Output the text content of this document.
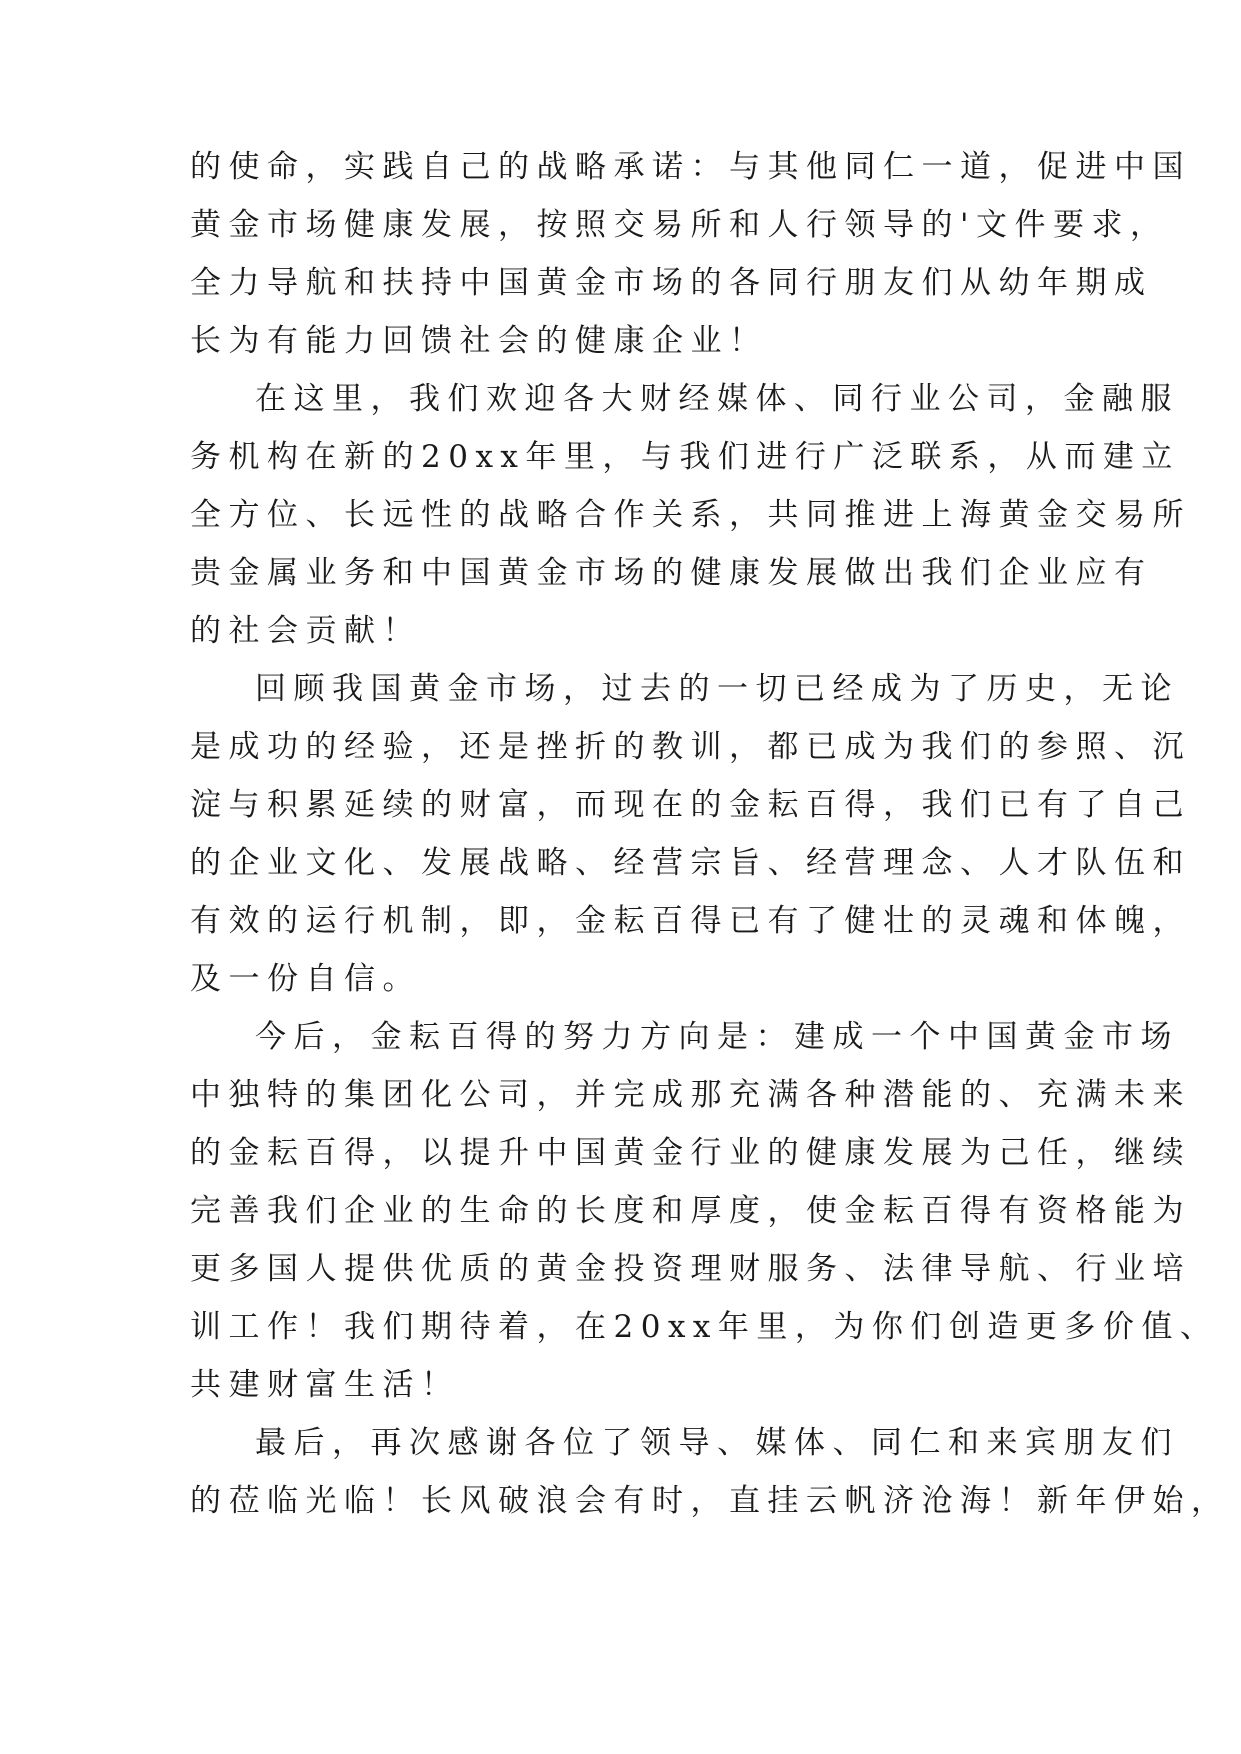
的使命，实践自己的战略承诺：与其他同仁一道，促进中国
黄金市场健康发展，按照交易所和人行领导的'文件要求，
全力导航和扶持中国黄金市场的各同行朋友们从幼年期成
长为有能力回馈社会的健康企业！
在这里，我们欢迎各大财经媒体、同行业公司，金融服
务机构在新的20xx年里，与我们进行广泛联系，从而建立
全方位、长远性的战略合作关系，共同推进上海黄金交易所
贵金属业务和中国黄金市场的健康发展做出我们企业应有
的社会贡献！
回顾我国黄金市场，过去的一切已经成为了历史，无论
是成功的经验，还是挫折的教训，都已成为我们的参照、沉
淀与积累延续的财富，而现在的金耘百得，我们已有了自己
的企业文化、发展战略、经营宗旨、经营理念、人才队伍和
有效的运行机制，即，金耘百得已有了健壮的灵魂和体魄，
及一份自信。
今后，金耘百得的努力方向是：建成一个中国黄金市场
中独特的集团化公司，并完成那充满各种潜能的、充满未来
的金耘百得，以提升中国黄金行业的健康发展为己任，继续
完善我们企业的生命的长度和厚度，使金耘百得有资格能为
更多国人提供优质的黄金投资理财服务、法律导航、行业培
训工作！我们期待着，在20xx年里，为你们创造更多价值、
共建财富生活！
最后，再次感谢各位了领导、媒体、同仁和来宾朋友们
的莅临光临！长风破浪会有时，直挂云帆济沧海！新年伊始，
